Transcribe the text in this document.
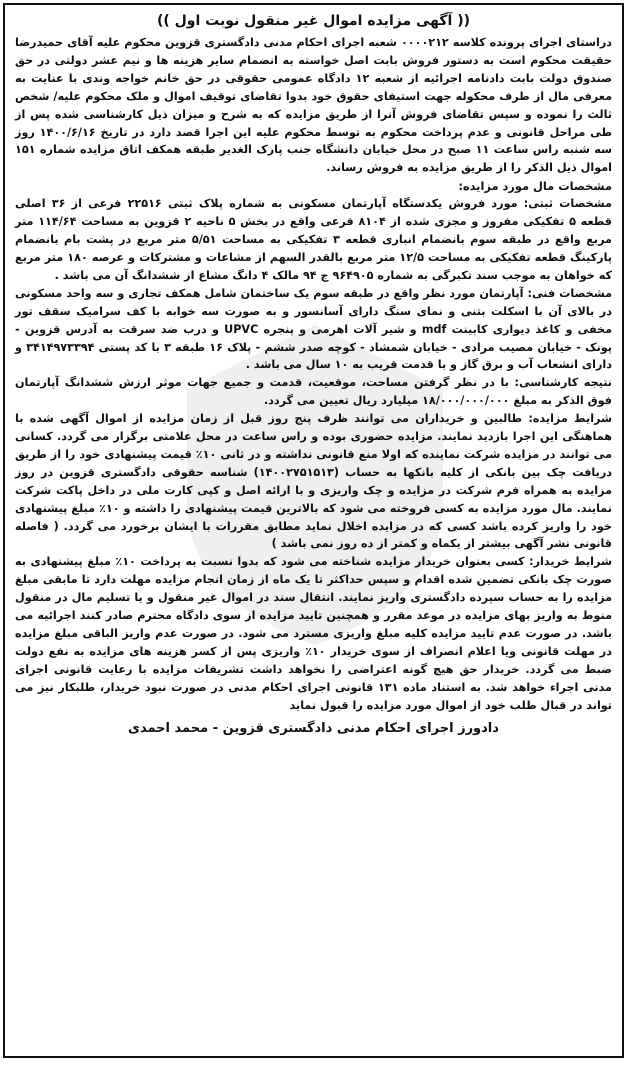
(( آگهی مزایده اموال غیر منقول نوبت اول ))

دراستای اجرای پرونده کلاسه ۰۰۰۰۲۱۲ شعبه اجرای احکام مدنی دادگستری قزوین محکوم علیه آقای حمیدرضا حقیقت محکوم است به دستور فروش بابت اصل خواسته به انضمام سایر هزینه ها و نیم عشر دولتی در حق صندوق دولت بابت دادنامه اجرائیه از شعبه ۱۲ دادگاه عمومی حقوقی در حق خانم خواجه وندی با عنایت به معرفی مال از طرف محکوله جهت استیفای حقوق خود بدوا تقاضای توقیف اموال و ملک محکوم علیه/ شخص ثالث را نموده و سپس تقاضای فروش آنرا از طریق مزایده که به شرح و میزان ذیل کارشناسی شده پس از طی مراحل قانونی و عدم پرداخت محکوم به توسط محکوم علیه این اجرا قصد دارد در تاریخ ۱۴۰۰/۶/۱۶ روز سه شنبه راس ساعت ۱۱ صبح در محل خیابان دانشگاه جنب پارک الغدیر طبقه همکف اتاق مزایده شماره ۱۵۱ اموال ذیل الذکر را از طریق مزایده به فروش رساند.

مشخصات مال مورد مزایده:

مشخصات ثبتی: مورد فروش یکدستگاه آپارتمان مسکونی به شماره پلاک ثبتی ۲۲۵۱۶ فرعی از ۳۶ اصلی قطعه ۵ تفکیکی مفروز و مجزی شده از ۸۱۰۴ فرعی واقع در بخش ۵ ناحیه ۲ قزوین به مساحت ۱۱۴/۶۴ متر مربع واقع در طبقه سوم بانضمام انباری قطعه ۳ تفکیکی به مساحت ۵/۵۱ متر مربع در پشت بام بانضمام پارکینگ قطعه تفکیکی به مساحت ۱۲/۵ متر مربع بالقدر السهم از مشاعات و مشترکات و عرصه ۱۸۰ متر مربع که خواهان به موجب سند تکبرگی به شماره ۹۶۴۹۰۵ ج ۹۴ مالک ۴ دانگ مشاع از ششدانگ آن می باشد .

مشخصات فنی: آپارتمان مورد نظر واقع در طبقه سوم یک ساختمان شامل همکف تجاری و سه واحد مسکونی در بالای آن با اسکلت بتنی و نمای سنگ دارای آسانسور و به صورت سه خوابه با کف سرامیک سقف تور مخفی و کاغذ دیواری کابینت mdf و شیر آلات اهرمی و پنجره UPVC و درب ضد سرقت به آدرس قزوین - پونک - خیابان مصیب مرادی - خیابان شمشاد - کوچه صدر ششم - پلاک ۱۶ طبقه ۳ با کد پستی ۳۴۱۴۹۷۳۳۹۴ و دارای انشعاب آب و برق گاز و با قدمت قریب به ۱۰ سال می باشد .

نتیجه کارشناسی: با در نظر گرفتن مساحت، موقعیت، قدمت و جمیع جهات موثر ارزش ششدانگ آپارتمان فوق الذکر به مبلغ ۱۸/۰۰۰/۰۰۰/۰۰۰ میلیارد ریال تعیین می گردد.

شرایط مزایده: طالبین و خریداران می توانند ظرف پنج روز قبل از زمان مزایده از اموال آگهی شده با هماهنگی این اجرا بازدید نمایند. مزایده حضوری بوده و راس ساعت در محل علامتی برگزار می گردد. کسانی می توانند در مزایده شرکت نماینده که اولا منع قانونی نداشته و در ثانی ۱۰٪ قیمت پیشنهادی خود را از طریق دریافت چک بین بانکی از کلیه بانکها به حساب (۱۴۰۰۲۷۵۱۵۱۳) شناسه حقوقی دادگستری قزوین در روز مزایده به همراه فرم شرکت در مزایده و چک واریزی و با ارائه اصل و کپی کارت ملی در داخل پاکت شرکت نمایند. مال مورد مزایده به کسی فروخته می شود که بالاترین قیمت پیشنهادی را داشته و ۱۰٪ مبلغ پیشنهادی خود را واریز کرده باشد کسی که در مزایده اخلال نماید مطابق مقررات با ایشان برخورد می گردد. ( فاصله قانونی نشر آگهی بیشتر از یکماه و کمتر از ده روز نمی باشد )

شرایط خریدار: کسی بعنوان خریدار مزایده شناخته می شود که بدوا نسبت به پرداخت ۱۰٪ مبلغ پیشنهادی به صورت چک بانکی تضمین شده اقدام و سپس حداکثر تا یک ماه از زمان انجام مزایده مهلت دارد تا مابقی مبلغ مزایده را به حساب سپرده دادگستری واریز نمایند. انتقال سند در اموال غیر منقول و یا تسلیم مال در منقول منوط به واریز بهای مزایده در موعد مقرر و همچنین تایید مزایده از سوی دادگاه محترم صادر کنند اجرائیه می باشد. در صورت عدم تایید مزایده کلیه مبلغ واریزی مسترد می شود. در صورت عدم واریز الباقی مبلغ مزایده در مهلت قانونی ویا اعلام انصراف از سوی خریدار ۱۰٪ واریزی پس از کسر هزینه های مزایده به نفع دولت ضبط می گردد. خریدار حق هیچ گونه اعتراضی را نخواهد داشت تشریفات مزایده با رعایت قانونی اجرای مدنی اجراء خواهد شد. به استناد ماده ۱۳۱ قانونی اجرای احکام مدنی در صورت نبود خریدار، طلبکار نیز می تواند در قبال طلب خود از اموال مورد مزایده را قبول نماید

دادورز اجرای احکام مدنی دادگستری قزوین - محمد احمدی
